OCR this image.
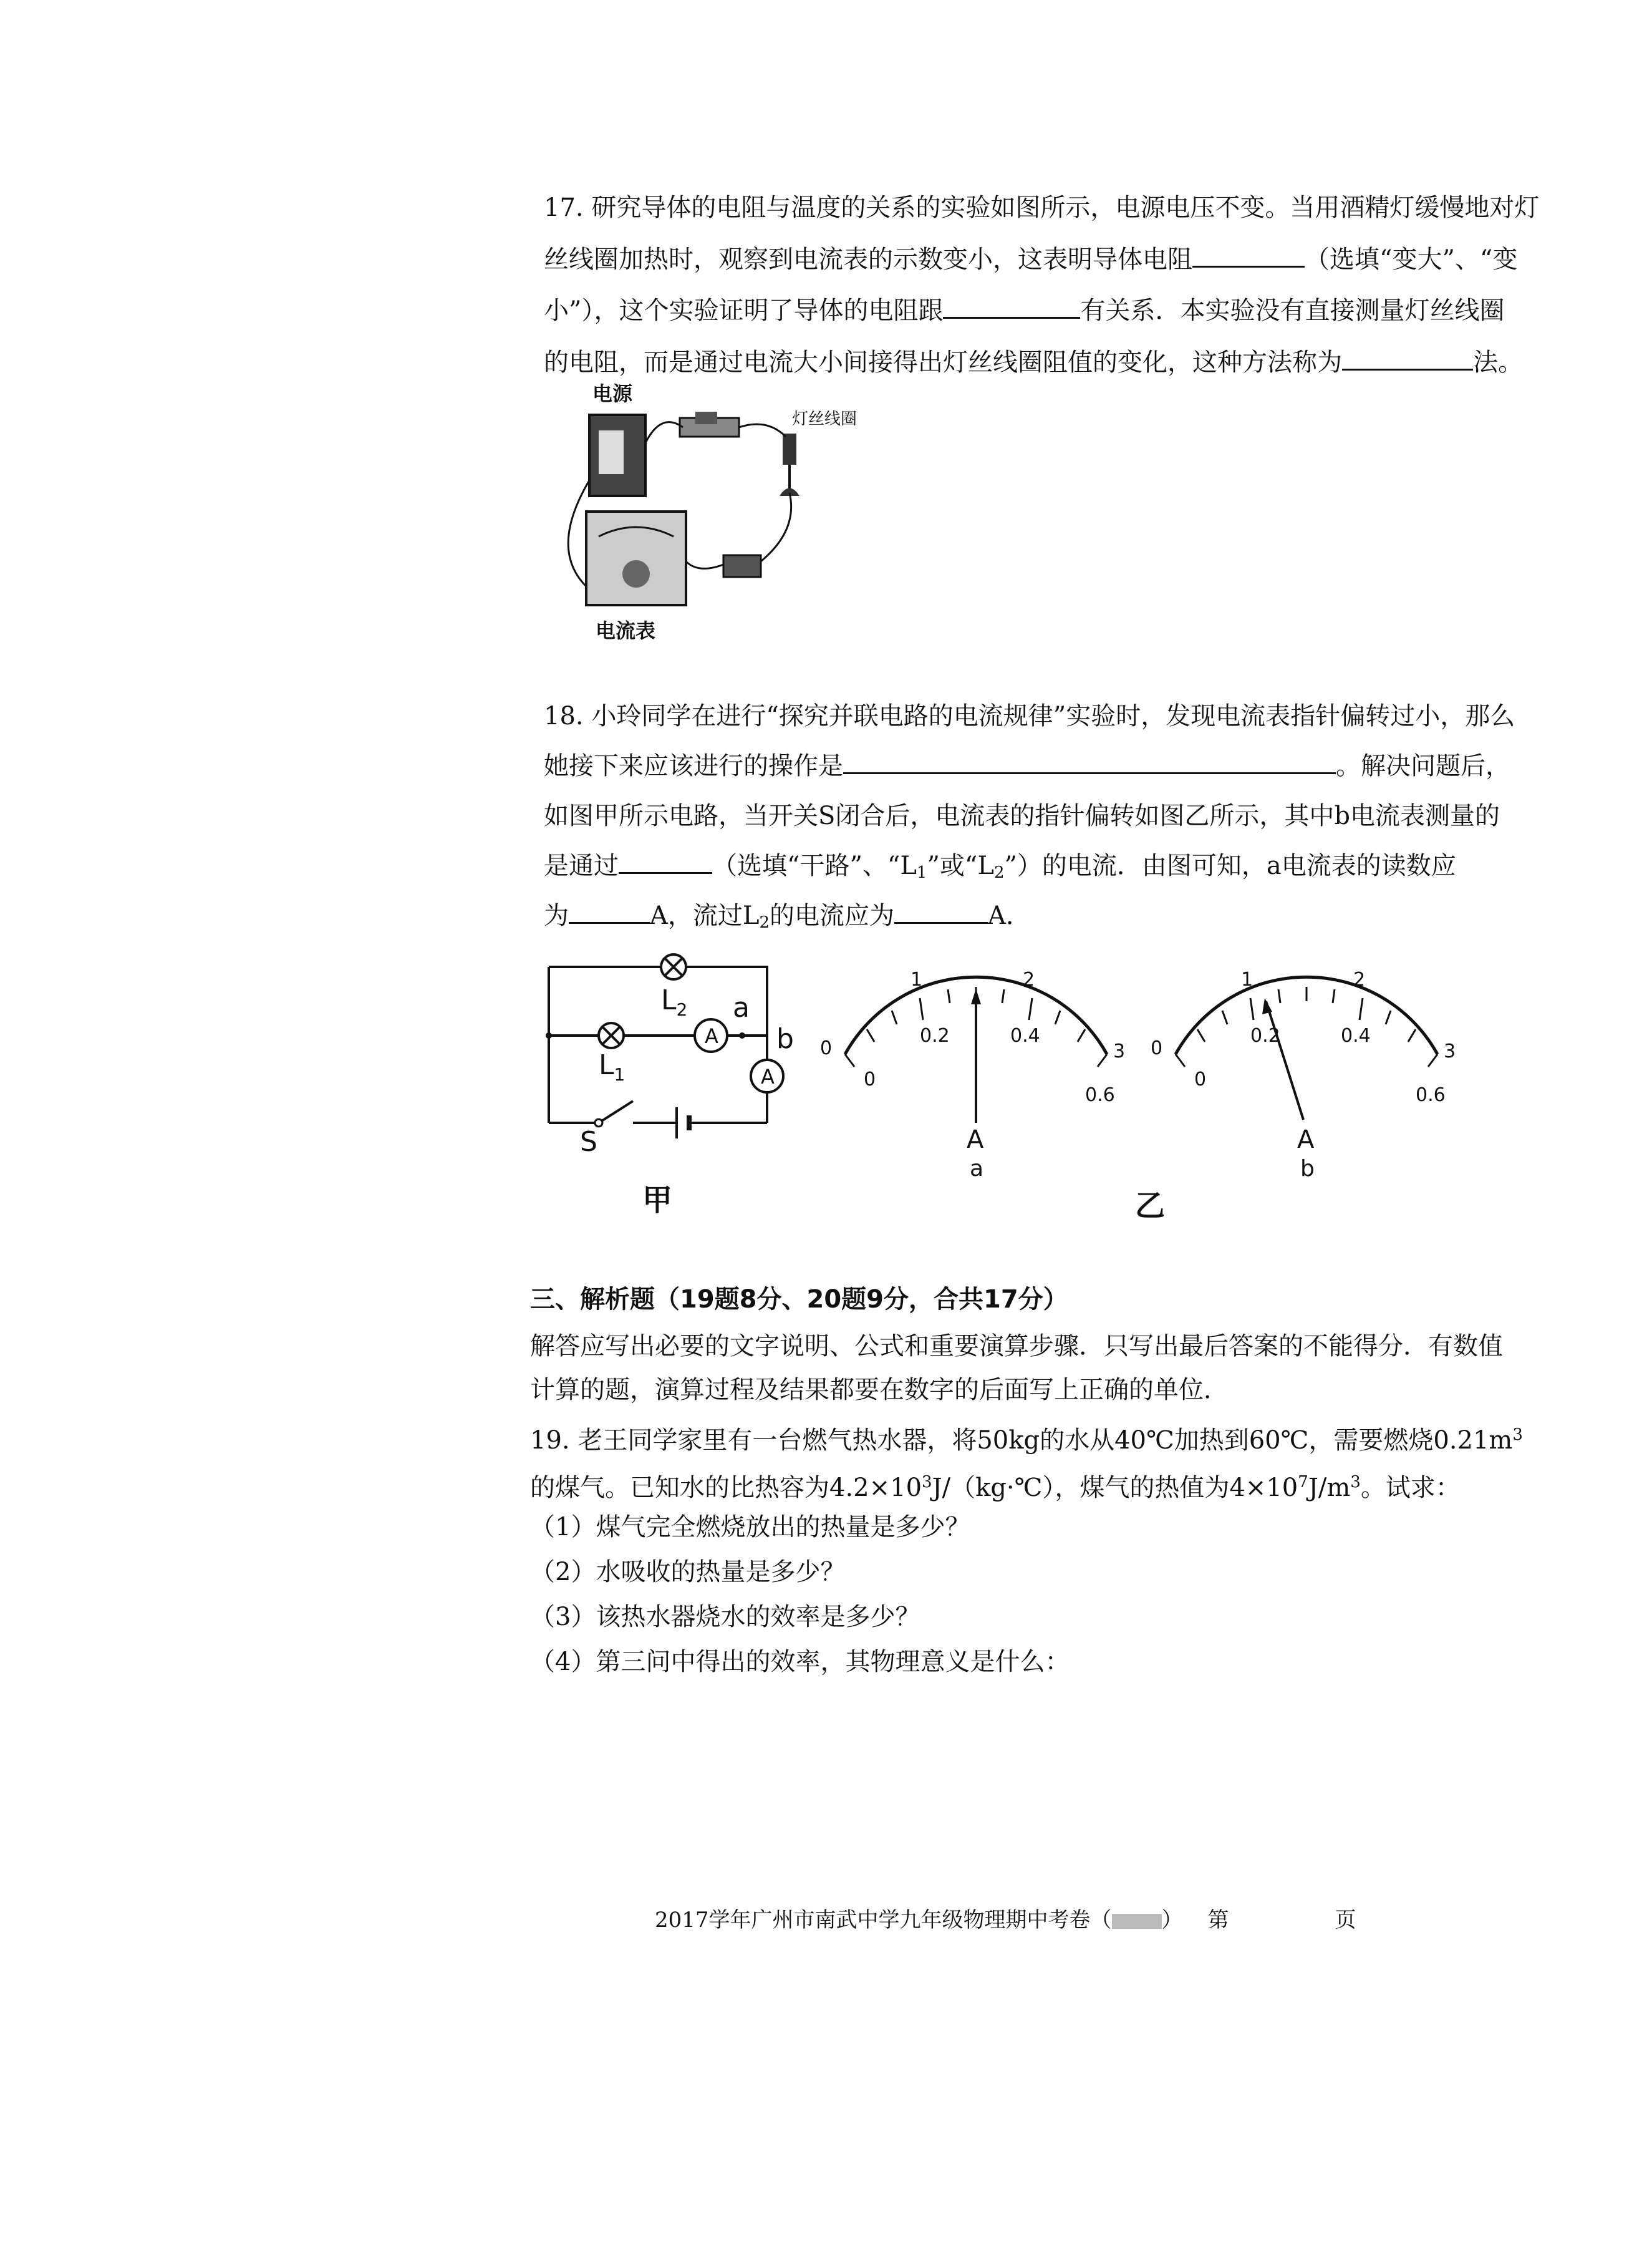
17. 研究导体的电阻与温度的关系的实验如图所示，电源电压不变。当用酒精灯缓慢地对灯
丝线圈加热时，观察到电流表的示数变小，这表明导体电阻	（选填“变大”、“变
小”），这个实验证明了导体的电阻跟	有关系．本实验没有直接测量灯丝线圈
的电阻，而是通过电流大小间接得出灯丝线圈阻值的变化，这种方法称为	法。
电源
灯丝线圈
电流表
18. 小玲同学在进行“探究并联电路的电流规律”实验时，发现电流表指针偏转过小，那么
她接下来应该进行的操作是	。解决问题后，
如图甲所示电路，当开关S闭合后，电流表的指针偏转如图乙所示，其中b电流表测量的
是通过	（选填“干路”、“$L_1$”或“$L_2$”）的电流．由图可知，a电流表的读数应
为	A，流过$L_2$的电流应为	A．
A
A
$L_2$
$L_1$
a
b
S
甲
0
1	2
3
0
0.2	0.4
0.6
A
a
0
1	2
3
0
0.2	0.4
0.6
A
b
乙
三、解析题（19题8分、20题9分，合共17分）
解答应写出必要的文字说明、公式和重要演算步骤．只写出最后答案的不能得分．有数值
计算的题，演算过程及结果都要在数字的后面写上正确的单位．
19. 老王同学家里有一台燃气热水器，将50kg的水从40℃加热到60℃，需要燃烧$0.21m^3$
的煤气。已知水的比热容为$4.2\times 10^3J/(kg\cdot℃)$，煤气的热值为$4\times 10^7J/m^3$。试求：
（1）煤气完全燃烧放出的热量是多少？
（2）水吸收的热量是多少？
（3）该热水器烧水的效率是多少？
（4）第三问中得出的效率，其物理意义是什么：
2017学年广州市南武中学九年级物理期中考卷（ ） 第	页
